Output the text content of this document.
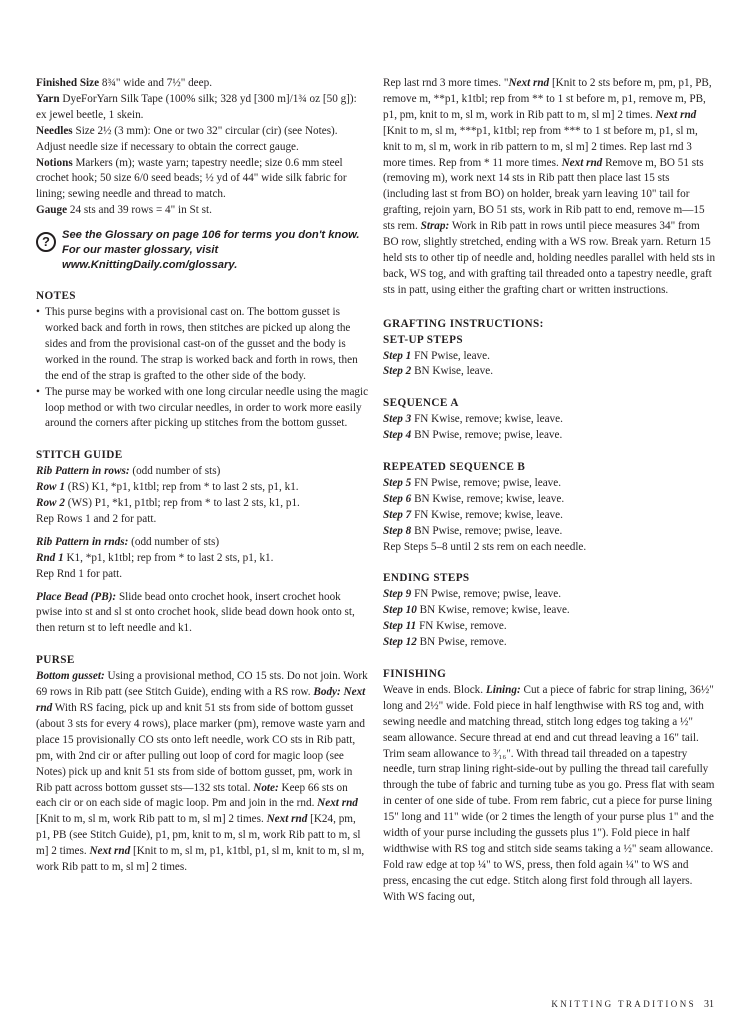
Finished Size 8¾" wide and 7½" deep.

Yarn DyeForYarn Silk Tape (100% silk; 328 yd [300 m]/1¾ oz [50 g]): ex jewel beetle, 1 skein.

Needles Size 2½ (3 mm): One or two 32" circular (cir) (see Notes). Adjust needle size if necessary to obtain the correct gauge.

Notions Markers (m); waste yarn; tapestry needle; size 0.6 mm steel crochet hook; 50 size 6/0 seed beads; ½ yd of 44" wide silk fabric for lining; sewing needle and thread to match.

Gauge 24 sts and 39 rows = 4" in St st.

?	See the Glossary on page 106 for terms you don't know. For our master glossary, visit www.KnittingDaily.com/glossary.
NOTES
• This purse begins with a provisional cast on. The bottom gusset is worked back and forth in rows, then stitches are picked up along the sides and from the provisional cast-on of the gusset and the body is worked in the round. The strap is worked back and forth in rows, then the end of the strap is grafted to the other side of the body.
• The purse may be worked with one long circular needle using the magic loop method or with two circular needles, in order to work more easily around the corners after picking up stitches from the bottom gusset.
STITCH GUIDE

Rib Pattern in rows: (odd number of sts)

Row 1 (RS) K1, *p1, k1tbl; rep from * to last 2 sts, p1, k1.

Row 2 (WS) P1, *k1, p1tbl; rep from * to last 2 sts, k1, p1.

Rep Rows 1 and 2 for patt.

Rib Pattern in rnds: (odd number of sts)

Rnd 1 K1, *p1, k1tbl; rep from * to last 2 sts, p1, k1.

Rep Rnd 1 for patt.

Place Bead (PB): Slide bead onto crochet hook, insert crochet hook pwise into st and sl st onto crochet hook, slide bead down hook onto st, then return st to left needle and k1.

PURSE

Bottom gusset: Using a provisional method, CO 15 sts. Do not join. Work 69 rows in Rib patt (see Stitch Guide), ending with a RS row. Body: Next rnd With RS facing, pick up and knit 51 sts from side of bottom gusset (about 3 sts for every 4 rows), place marker (pm), remove waste yarn and place 15 provisionally CO sts onto left needle, work CO sts in Rib patt, pm, with 2nd cir or after pulling out loop of cord for magic loop (see Notes) pick up and knit 51 sts from side of bottom gusset, pm, work in Rib patt across bottom gusset sts—132 sts total. Note: Keep 66 sts on each cir or on each side of magic loop. Pm and join in the rnd. Next rnd [Knit to m, sl m, work Rib patt to m, sl m] 2 times. Next rnd [K24, pm, p1, PB (see Stitch Guide), p1, pm, knit to m, sl m, work Rib patt to m, sl m] 2 times. Next rnd [Knit to m, sl m, p1, k1tbl, p1, sl m, knit to m, sl m, work Rib patt to m, sl m] 2 times.

Rep last rnd 3 more times. "Next rnd [Knit to 2 sts before m, pm, p1, PB, remove m, **p1, k1tbl; rep from ** to 1 st before m, p1, remove m, PB, p1, pm, knit to m, sl m, work in Rib patt to m, sl m] 2 times. Next rnd [Knit to m, sl m, ***p1, k1tbl; rep from *** to 1 st before m, p1, sl m, knit to m, sl m, work in rib pattern to m, sl m] 2 times. Rep last rnd 3 more times. Rep from * 11 more times. Next rnd Remove m, BO 51 sts (removing m), work next 14 sts in Rib patt then place last 15 sts (including last st from BO) on holder, break yarn leaving 10" tail for grafting, rejoin yarn, BO 51 sts, work in Rib patt to end, remove m—15 sts rem. Strap: Work in Rib patt in rows until piece measures 34" from BO row, slightly stretched, ending with a WS row. Break yarn. Return 15 held sts to other tip of needle and, holding needles parallel with held sts in back, WS tog, and with grafting tail threaded onto a tapestry needle, graft sts in patt, using either the grafting chart or written instructions.

GRAFTING INSTRUCTIONS:
SET-UP STEPS

Step 1 FN Pwise, leave.

Step 2 BN Kwise, leave.

SEQUENCE A

Step 3 FN Kwise, remove; kwise, leave.

Step 4 BN Pwise, remove; pwise, leave.

REPEATED SEQUENCE B

Step 5 FN Pwise, remove; pwise, leave.

Step 6 BN Kwise, remove; kwise, leave.

Step 7 FN Kwise, remove; kwise, leave.

Step 8 BN Pwise, remove; pwise, leave.

Rep Steps 5–8 until 2 sts rem on each needle.

ENDING STEPS

Step 9 FN Pwise, remove; pwise, leave.

Step 10 BN Kwise, remove; kwise, leave.

Step 11 FN Kwise, remove.

Step 12 BN Pwise, remove.

FINISHING

Weave in ends. Block. Lining: Cut a piece of fabric for strap lining, 36½" long and 2½" wide. Fold piece in half lengthwise with RS tog and, with sewing needle and matching thread, stitch long edges tog taking a ½" seam allowance. Secure thread at end and cut thread leaving a 16" tail. Trim seam allowance to ³⁄₁₆". With thread tail threaded on a tapestry needle, turn strap lining right-side-out by pulling the thread tail carefully through the tube of fabric and turning tube as you go. Press flat with seam in center of one side of tube. From rem fabric, cut a piece for purse lining 15" long and 11" wide (or 2 times the length of your purse plus 1" and the width of your purse including the gussets plus 1"). Fold piece in half widthwise with RS tog and stitch side seams taking a ½" seam allowance. Fold raw edge at top ¼" to WS, press, then fold again ¼" to WS and press, encasing the cut edge. Stitch along first fold through all layers. With WS facing out,

KNITTING TRADITIONS 31
